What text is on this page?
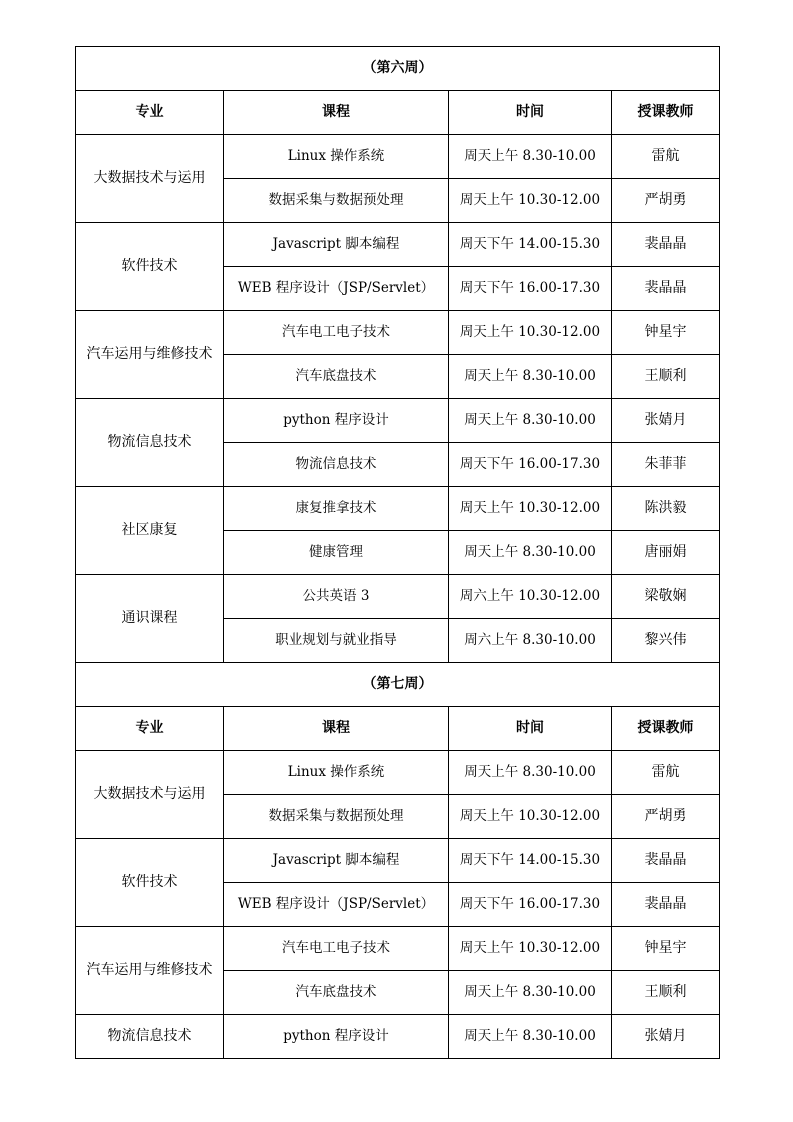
（第六周）			
专业	课程	时间	授课教师
大数据技术与运用	Linux 操作系统	周天上午 8.30-10.00	雷航
	数据采集与数据预处理	周天上午 10.30-12.00	严胡勇
软件技术	Javascript 脚本编程	周天下午 14.00-15.30	裴晶晶
	WEB 程序设计（JSP/Servlet）	周天下午 16.00-17.30	裴晶晶
汽车运用与维修技术	汽车电工电子技术	周天上午 10.30-12.00	钟星宇
	汽车底盘技术	周天上午 8.30-10.00	王顺利
物流信息技术	python 程序设计	周天上午 8.30-10.00	张婧月
	物流信息技术	周天下午 16.00-17.30	朱菲菲
社区康复	康复推拿技术	周天上午 10.30-12.00	陈洪毅
	健康管理	周天上午 8.30-10.00	唐丽娟
通识课程	公共英语 3	周六上午 10.30-12.00	梁敬娴
	职业规划与就业指导	周六上午 8.30-10.00	黎兴伟
（第七周）			
专业	课程	时间	授课教师
大数据技术与运用	Linux 操作系统	周天上午 8.30-10.00	雷航
	数据采集与数据预处理	周天上午 10.30-12.00	严胡勇
软件技术	Javascript 脚本编程	周天下午 14.00-15.30	裴晶晶
	WEB 程序设计（JSP/Servlet）	周天下午 16.00-17.30	裴晶晶
汽车运用与维修技术	汽车电工电子技术	周天上午 10.30-12.00	钟星宇
	汽车底盘技术	周天上午 8.30-10.00	王顺利
物流信息技术	python 程序设计	周天上午 8.30-10.00	张婧月
